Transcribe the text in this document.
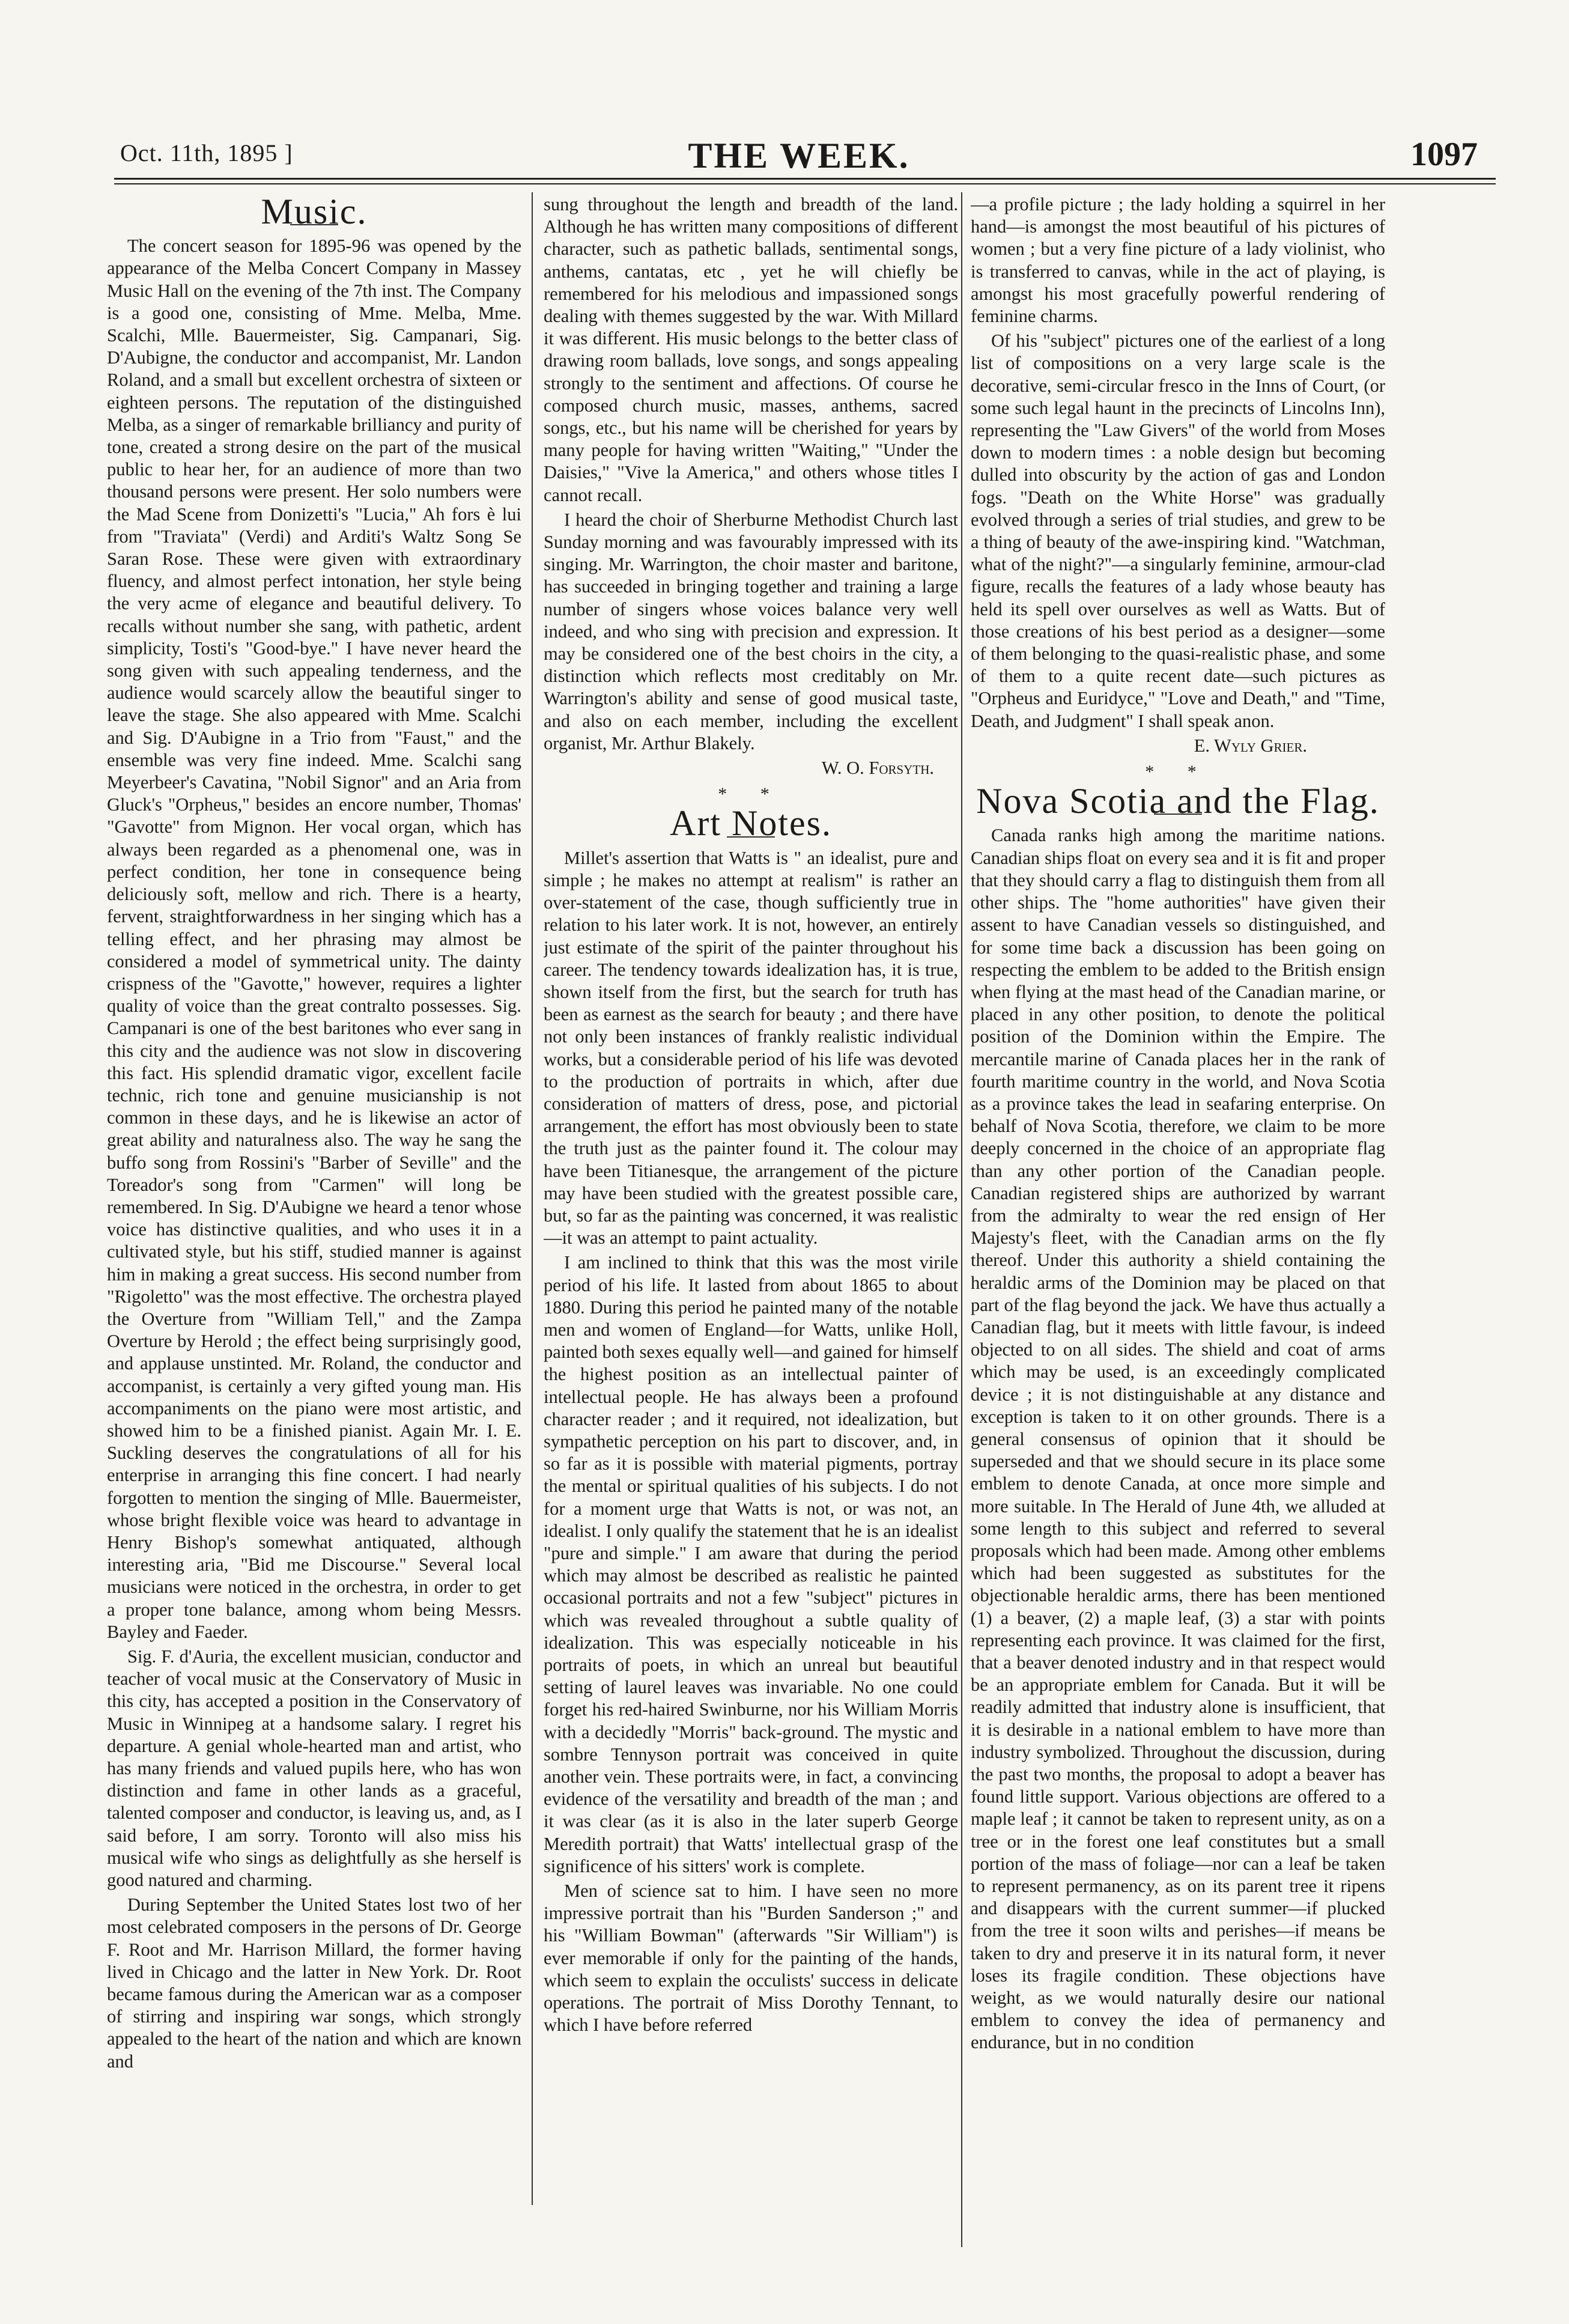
Oct. 11th, 1895 ]	THE WEEK.	1097
Music.

The concert season for 1895-96 was opened by the appearance of the Melba Concert Company in Massey Music Hall on the evening of the 7th inst. The Company is a good one, consisting of Mme. Melba, Mme. Scalchi, Mlle. Bauermeister, Sig. Campanari, Sig. D'Aubigne, the conductor and accompanist, Mr. Landon Roland, and a small but excellent orchestra of sixteen or eighteen persons. The reputation of the distinguished Melba, as a singer of remarkable brilliancy and purity of tone, created a strong desire on the part of the musical public to hear her, for an audience of more than two thousand persons were present. Her solo numbers were the Mad Scene from Donizetti's "Lucia," Ah fors è lui from "Traviata" (Verdi) and Arditi's Waltz Song Se Saran Rose. These were given with extraordinary fluency, and almost perfect intonation, her style being the very acme of elegance and beautiful delivery. To recalls without number she sang, with pathetic, ardent simplicity, Tosti's "Good-bye." I have never heard the song given with such appealing tenderness, and the audience would scarcely allow the beautiful singer to leave the stage. She also appeared with Mme. Scalchi and Sig. D'Aubigne in a Trio from "Faust," and the ensemble was very fine indeed. Mme. Scalchi sang Meyerbeer's Cavatina, "Nobil Signor" and an Aria from Gluck's "Orpheus," besides an encore number, Thomas' "Gavotte" from Mignon. Her vocal organ, which has always been regarded as a phenomenal one, was in perfect condition, her tone in consequence being deliciously soft, mellow and rich. There is a hearty, fervent, straightforwardness in her singing which has a telling effect, and her phrasing may almost be considered a model of symmetrical unity. The dainty crispness of the "Gavotte," however, requires a lighter quality of voice than the great contralto possesses. Sig. Campanari is one of the best baritones who ever sang in this city and the audience was not slow in discovering this fact. His splendid dramatic vigor, excellent facile technic, rich tone and genuine musicianship is not common in these days, and he is likewise an actor of great ability and naturalness also. The way he sang the buffo song from Rossini's "Barber of Seville" and the Toreador's song from "Carmen" will long be remembered. In Sig. D'Aubigne we heard a tenor whose voice has distinctive qualities, and who uses it in a cultivated style, but his stiff, studied manner is against him in making a great success. His second number from "Rigoletto" was the most effective. The orchestra played the Overture from "William Tell," and the Zampa Overture by Herold ; the effect being surprisingly good, and applause unstinted. Mr. Roland, the conductor and accompanist, is certainly a very gifted young man. His accompaniments on the piano were most artistic, and showed him to be a finished pianist. Again Mr. I. E. Suckling deserves the congratulations of all for his enterprise in arranging this fine concert. I had nearly forgotten to mention the singing of Mlle. Bauermeister, whose bright flexible voice was heard to advantage in Henry Bishop's somewhat antiquated, although interesting aria, "Bid me Discourse." Several local musicians were noticed in the orchestra, in order to get a proper tone balance, among whom being Messrs. Bayley and Faeder.

Sig. F. d'Auria, the excellent musician, conductor and teacher of vocal music at the Conservatory of Music in this city, has accepted a position in the Conservatory of Music in Winnipeg at a handsome salary. I regret his departure. A genial whole-hearted man and artist, who has many friends and valued pupils here, who has won distinction and fame in other lands as a graceful, talented composer and conductor, is leaving us, and, as I said before, I am sorry. Toronto will also miss his musical wife who sings as delightfully as she herself is good natured and charming.

During September the United States lost two of her most celebrated composers in the persons of Dr. George F. Root and Mr. Harrison Millard, the former having lived in Chicago and the latter in New York. Dr. Root became famous during the American war as a composer of stirring and inspiring war songs, which strongly appealed to the heart of the nation and which are known and

sung throughout the length and breadth of the land. Although he has written many compositions of different character, such as pathetic ballads, sentimental songs, anthems, cantatas, etc , yet he will chiefly be remembered for his melodious and impassioned songs dealing with themes suggested by the war. With Millard it was different. His music belongs to the better class of drawing room ballads, love songs, and songs appealing strongly to the sentiment and affections. Of course he composed church music, masses, anthems, sacred songs, etc., but his name will be cherished for years by many people for having written "Waiting," "Under the Daisies," "Vive la America," and others whose titles I cannot recall.

I heard the choir of Sherburne Methodist Church last Sunday morning and was favourably impressed with its singing. Mr. Warrington, the choir master and baritone, has succeeded in bringing together and training a large number of singers whose voices balance very well indeed, and who sing with precision and expression. It may be considered one of the best choirs in the city, a distinction which reflects most creditably on Mr. Warrington's ability and sense of good musical taste, and also on each member, including the excellent organist, Mr. Arthur Blakely.

W. O. Forsyth.
* *
Art Notes.

Millet's assertion that Watts is " an idealist, pure and simple ; he makes no attempt at realism" is rather an over-statement of the case, though sufficiently true in relation to his later work. It is not, however, an entirely just estimate of the spirit of the painter throughout his career. The tendency towards idealization has, it is true, shown itself from the first, but the search for truth has been as earnest as the search for beauty ; and there have not only been instances of frankly realistic individual works, but a considerable period of his life was devoted to the production of portraits in which, after due consideration of matters of dress, pose, and pictorial arrangement, the effort has most obviously been to state the truth just as the painter found it. The colour may have been Titianesque, the arrangement of the picture may have been studied with the greatest possible care, but, so far as the painting was concerned, it was realistic—it was an attempt to paint actuality.

I am inclined to think that this was the most virile period of his life. It lasted from about 1865 to about 1880. During this period he painted many of the notable men and women of England—for Watts, unlike Holl, painted both sexes equally well—and gained for himself the highest position as an intellectual painter of intellectual people. He has always been a profound character reader ; and it required, not idealization, but sympathetic perception on his part to discover, and, in so far as it is possible with material pigments, portray the mental or spiritual qualities of his subjects. I do not for a moment urge that Watts is not, or was not, an idealist. I only qualify the statement that he is an idealist "pure and simple." I am aware that during the period which may almost be described as realistic he painted occasional portraits and not a few "subject" pictures in which was revealed throughout a subtle quality of idealization. This was especially noticeable in his portraits of poets, in which an unreal but beautiful setting of laurel leaves was invariable. No one could forget his red-haired Swinburne, nor his William Morris with a decidedly "Morris" back-ground. The mystic and sombre Tennyson portrait was conceived in quite another vein. These portraits were, in fact, a convincing evidence of the versatility and breadth of the man ; and it was clear (as it is also in the later superb George Meredith portrait) that Watts' intellectual grasp of the significence of his sitters' work is complete.

Men of science sat to him. I have seen no more impressive portrait than his "Burden Sanderson ;" and his "William Bowman" (afterwards "Sir William") is ever memorable if only for the painting of the hands, which seem to explain the occulists' success in delicate operations. The portrait of Miss Dorothy Tennant, to which I have before referred

—a profile picture ; the lady holding a squirrel in her hand—is amongst the most beautiful of his pictures of women ; but a very fine picture of a lady violinist, who is transferred to canvas, while in the act of playing, is amongst his most gracefully powerful rendering of feminine charms.

Of his "subject" pictures one of the earliest of a long list of compositions on a very large scale is the decorative, semi-circular fresco in the Inns of Court, (or some such legal haunt in the precincts of Lincolns Inn), representing the "Law Givers" of the world from Moses down to modern times : a noble design but becoming dulled into obscurity by the action of gas and London fogs. "Death on the White Horse" was gradually evolved through a series of trial studies, and grew to be a thing of beauty of the awe-inspiring kind. "Watchman, what of the night?"—a singularly feminine, armour-clad figure, recalls the features of a lady whose beauty has held its spell over ourselves as well as Watts. But of those creations of his best period as a designer—some of them belonging to the quasi-realistic phase, and some of them to a quite recent date—such pictures as "Orpheus and Euridyce," "Love and Death," and "Time, Death, and Judgment" I shall speak anon.

E. Wyly Grier.
* *
Nova Scotia and the Flag.

Canada ranks high among the maritime nations. Canadian ships float on every sea and it is fit and proper that they should carry a flag to distinguish them from all other ships. The "home authorities" have given their assent to have Canadian vessels so distinguished, and for some time back a discussion has been going on respecting the emblem to be added to the British ensign when flying at the mast head of the Canadian marine, or placed in any other position, to denote the political position of the Dominion within the Empire. The mercantile marine of Canada places her in the rank of fourth maritime country in the world, and Nova Scotia as a province takes the lead in seafaring enterprise. On behalf of Nova Scotia, therefore, we claim to be more deeply concerned in the choice of an appropriate flag than any other portion of the Canadian people. Canadian registered ships are authorized by warrant from the admiralty to wear the red ensign of Her Majesty's fleet, with the Canadian arms on the fly thereof. Under this authority a shield containing the heraldic arms of the Dominion may be placed on that part of the flag beyond the jack. We have thus actually a Canadian flag, but it meets with little favour, is indeed objected to on all sides. The shield and coat of arms which may be used, is an exceedingly complicated device ; it is not distinguishable at any distance and exception is taken to it on other grounds. There is a general consensus of opinion that it should be superseded and that we should secure in its place some emblem to denote Canada, at once more simple and more suitable. In The Herald of June 4th, we alluded at some length to this subject and referred to several proposals which had been made. Among other emblems which had been suggested as substitutes for the objectionable heraldic arms, there has been mentioned (1) a beaver, (2) a maple leaf, (3) a star with points representing each province. It was claimed for the first, that a beaver denoted industry and in that respect would be an appropriate emblem for Canada. But it will be readily admitted that industry alone is insufficient, that it is desirable in a national emblem to have more than industry symbolized. Throughout the discussion, during the past two months, the proposal to adopt a beaver has found little support. Various objections are offered to a maple leaf ; it cannot be taken to represent unity, as on a tree or in the forest one leaf constitutes but a small portion of the mass of foliage—nor can a leaf be taken to represent permanency, as on its parent tree it ripens and disappears with the current summer—if plucked from the tree it soon wilts and perishes—if means be taken to dry and preserve it in its natural form, it never loses its fragile condition. These objections have weight, as we would naturally desire our national emblem to convey the idea of permanency and endurance, but in no condition
